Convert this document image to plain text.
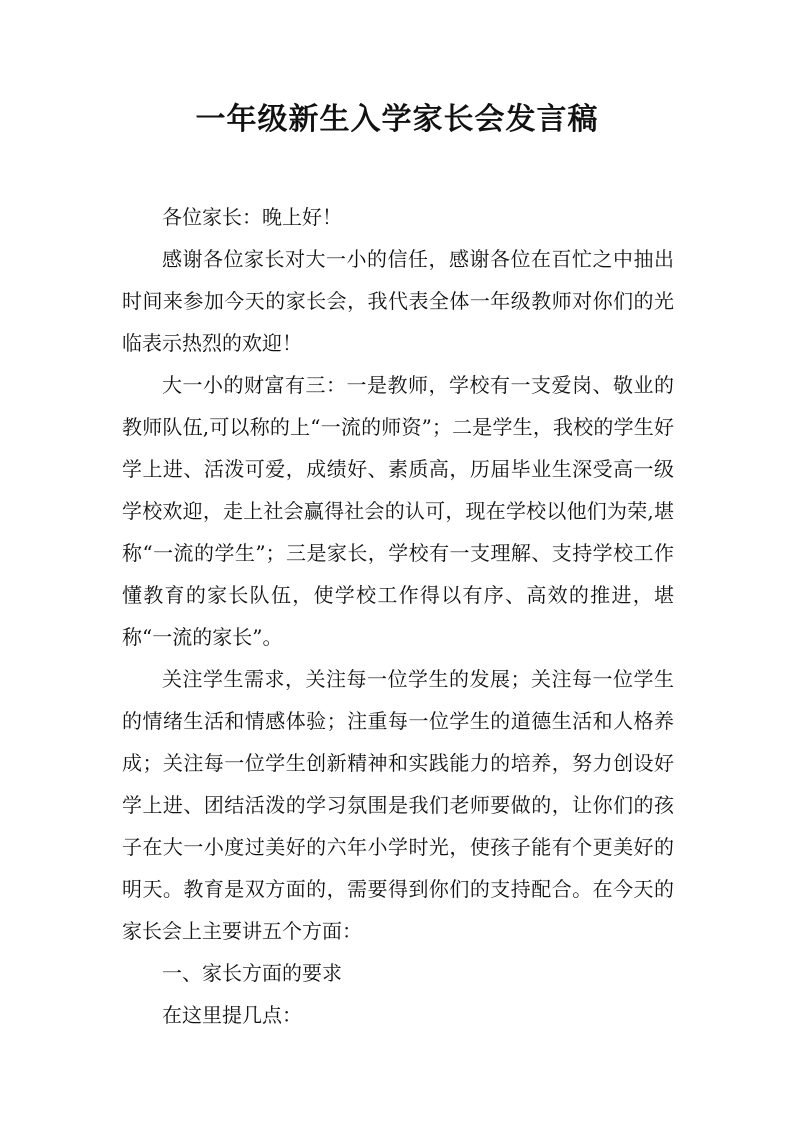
一年级新生入学家长会发言稿

各位家长：晚上好！

感谢各位家长对大一小的信任，感谢各位在百忙之中抽出时间来参加今天的家长会，我代表全体一年级教师对你们的光临表示热烈的欢迎！

大一小的财富有三：一是教师，学校有一支爱岗、敬业的教师队伍,可以称的上“一流的师资”；二是学生，我校的学生好学上进、活泼可爱，成绩好、素质高，历届毕业生深受高一级学校欢迎，走上社会赢得社会的认可，现在学校以他们为荣,堪称“一流的学生”；三是家长，学校有一支理解、支持学校工作懂教育的家长队伍，使学校工作得以有序、高效的推进，堪称“一流的家长”。

关注学生需求，关注每一位学生的发展；关注每一位学生的情绪生活和情感体验；注重每一位学生的道德生活和人格养成；关注每一位学生创新精神和实践能力的培养，努力创设好学上进、团结活泼的学习氛围是我们老师要做的，让你们的孩子在大一小度过美好的六年小学时光，使孩子能有个更美好的明天。教育是双方面的，需要得到你们的支持配合。在今天的家长会上主要讲五个方面：

一、家长方面的要求

在这里提几点：
